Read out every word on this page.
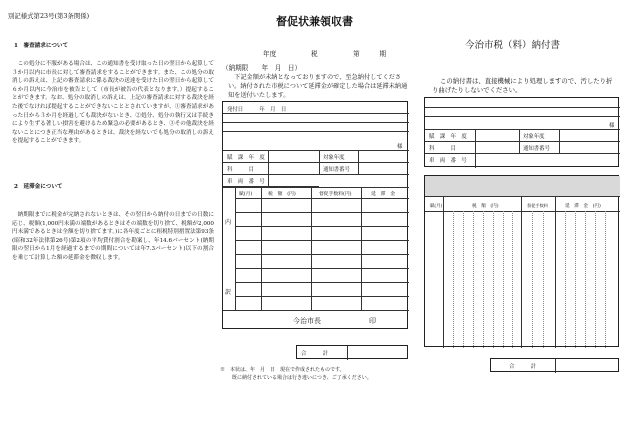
別記様式第23号(第3条関係)
1　審査請求について
　この処分に不服がある場合は、この通知書を受け取った日の翌日から起算して３か月以内に市長に対して審査請求をすることができます。また、この処分の取消しの訴えは、上記の審査請求に係る裁決の送達を受けた日の翌日から起算して６か月以内に今治市を被告として（市長が被告の代表となります。）提起することができます。なお、処分の取消しの訴えは、上記の審査請求に対する裁決を経た後でなければ提起することができないこととされていますが、①審査請求があった日から３か月を経過しても裁決がないとき、②処分、処分の執行又は手続きにより生ずる著しい損害を避けるため緊急の必要があるとき、③その他裁決を経ないことにつき正当な理由があるときは、裁決を経ないでも処分の取消しの訴えを提起することができます。
2　延滞金について
　納期限までに税金が完納されないときは、その翌日から納付の日までの日数に応じ、税額(1,000円未満の端数があるときはその端数を切り捨て、税額が2,000円未満であるときは全額を切り捨てます。)に各年度ごとに租税特別措置法第93条(昭和32年法律第26号)第2項の平均貸付割合を勘案し、年14.6パーセント(納期限の翌日から1月を経過するまでの期間については年7.3パーセント)以下の割合を乗じて計算した額の延滞金を徴収します。
督促状兼領収書
年度	税	第　　　期
（納期限　　年　月　日）
　下記金額が未納となっておりますので、至急納付してください。納付された市税について延滞金が確定した場合は延滞未納通知を送付いたします。
発付日　　　年　月　日
様
賦　課　年　度	対象年度
科　　　目	通知書番号
車　両　番　号
賦(月)	税　額　(円)	督促手数料(円)	延　滞　金
内
訳
今治市長	印
合　　　計
※　本状は、年　月　日　現在で作成されたものです。
既に納付されている場合は行き違いにつき、ご了承ください。
今治市税（料）納付書
この納付書は、直接機械により処理しますので、汚したり折り曲げたりしないでください。
様
賦　課　年　度	対象年度
科　　　目	通知書番号
車　両　番　号
賦(月)	税　額　(円)	督促手数料	延　滞　金　(円)
合　　　計
